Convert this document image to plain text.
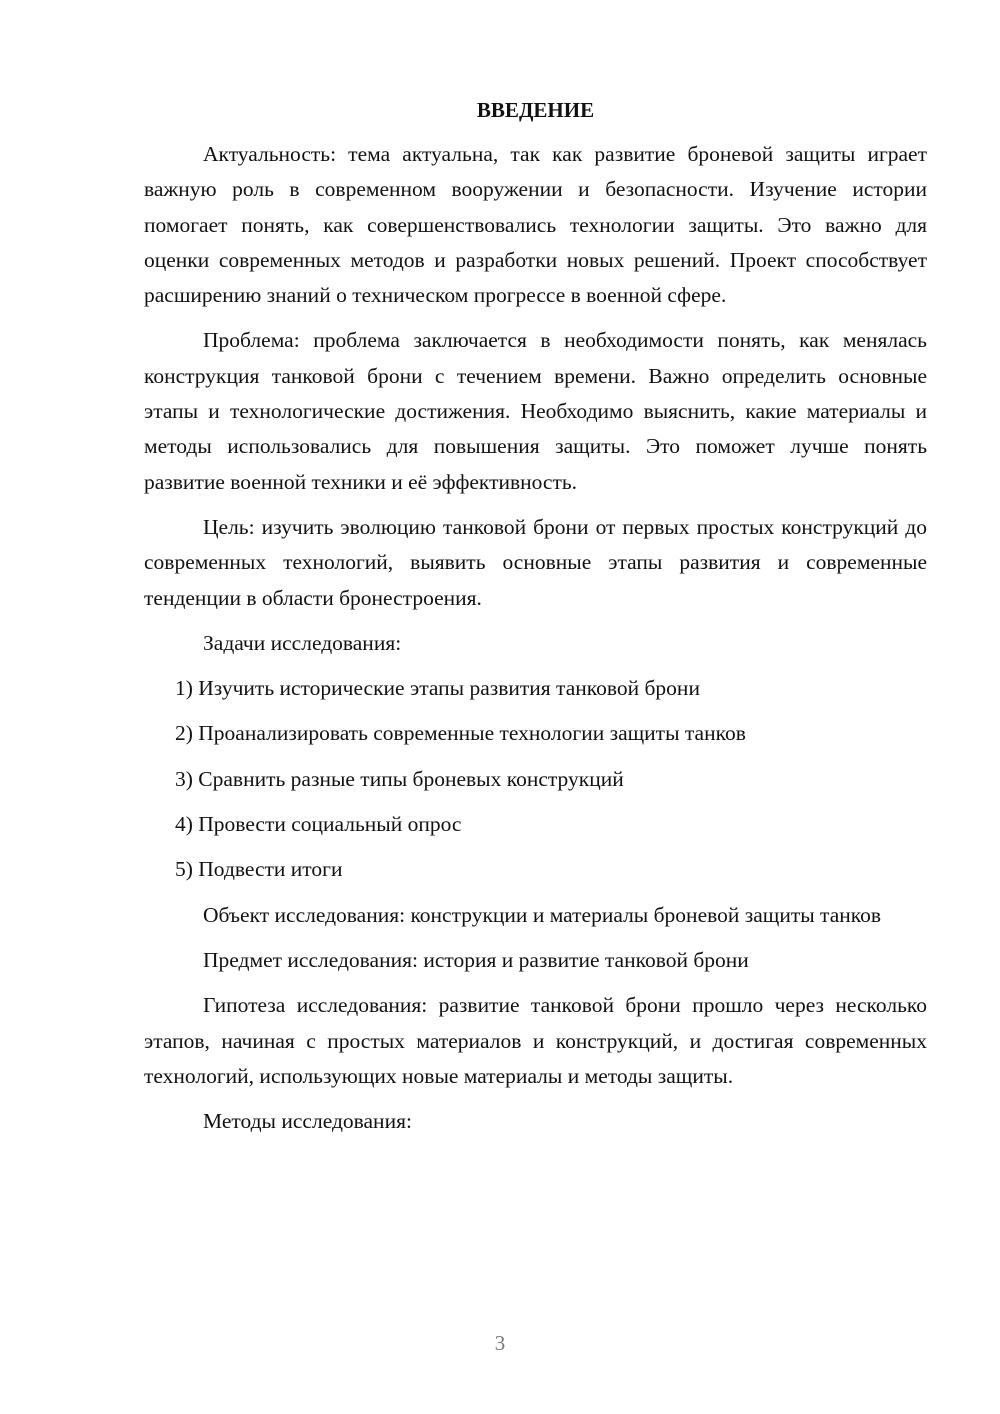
ВВЕДЕНИЕ

Актуальность: тема актуальна, так как развитие броневой защиты играет важную роль в современном вооружении и безопасности. Изучение истории помогает понять, как совершенствовались технологии защиты. Это важно для оценки современных методов и разработки новых решений. Проект способствует расширению знаний о техническом прогрессе в военной сфере.

Проблема: проблема заключается в необходимости понять, как менялась конструкция танковой брони с течением времени. Важно определить основные этапы и технологические достижения. Необходимо выяснить, какие материалы и методы использовались для повышения защиты. Это поможет лучше понять развитие военной техники и её эффективность.

Цель: изучить эволюцию танковой брони от первых простых конструкций до современных технологий, выявить основные этапы развития и современные тенденции в области бронестроения.

Задачи исследования:

1) Изучить исторические этапы развития танковой брони

2) Проанализировать современные технологии защиты танков

3) Сравнить разные типы броневых конструкций

4) Провести социальный опрос

5) Подвести итоги

Объект исследования: конструкции и материалы броневой защиты танков

Предмет исследования: история и развитие танковой брони

Гипотеза исследования: развитие танковой брони прошло через несколько этапов, начиная с простых материалов и конструкций, и достигая современных технологий, использующих новые материалы и методы защиты.

Методы исследования:

3
